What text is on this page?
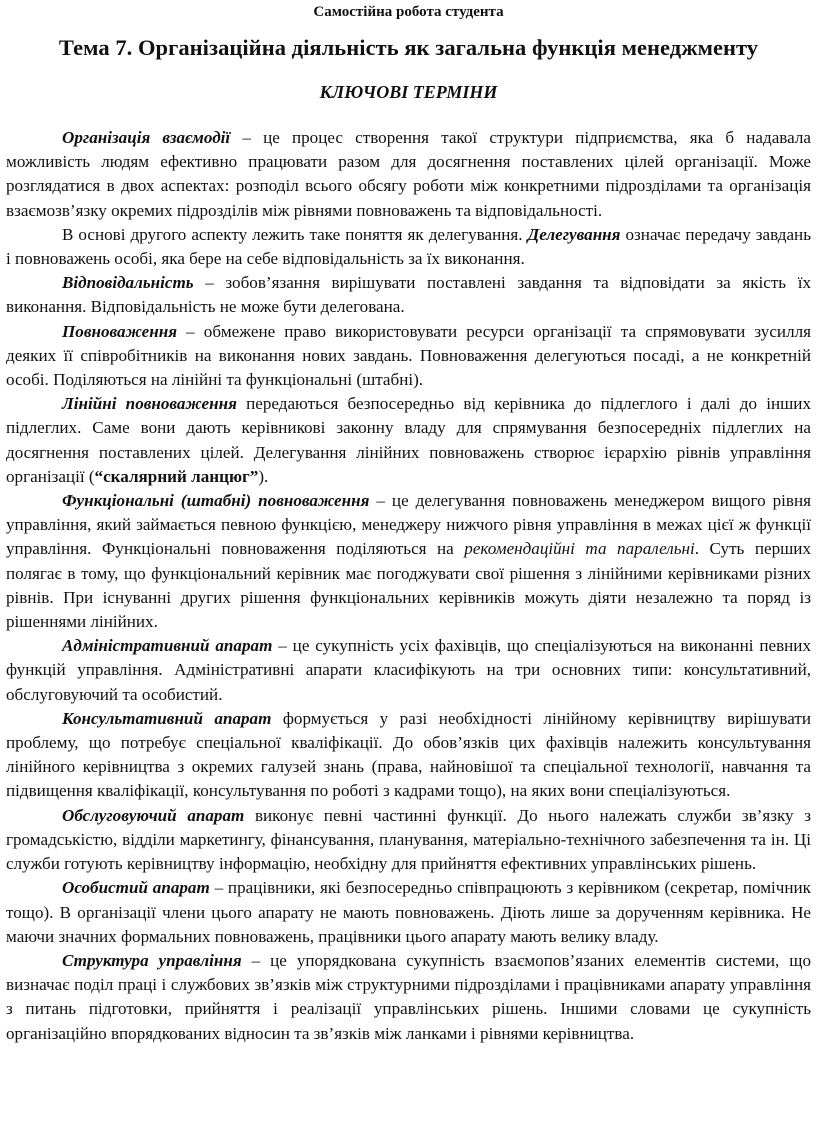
Самостійна робота студента
Тема 7. Організаційна діяльність як загальна функція менеджменту
КЛЮЧОВІ ТЕРМІНИ

Організація взаємодії – це процес створення такої структури підприємства, яка б надавала можливість людям ефективно працювати разом для досягнення поставлених цілей організації. Може розглядатися в двох аспектах: розподіл всього обсягу роботи між конкретними підрозділами та організація взаємозв’язку окремих підрозділів між рівнями повноважень та відповідальності.

В основі другого аспекту лежить таке поняття як делегування. Делегування означає передачу завдань і повноважень особі, яка бере на себе відповідальність за їх виконання.

Відповідальність – зобов’язання вирішувати поставлені завдання та відповідати за якість їх виконання. Відповідальність не може бути делегована.

Повноваження – обмежене право використовувати ресурси організації та спрямовувати зусилля деяких її співробітників на виконання нових завдань. Повноваження делегуються посаді, а не конкретній особі. Поділяються на лінійні та функціональні (штабні).

Лінійні повноваження передаються безпосередньо від керівника до підлеглого і далі до інших підлеглих. Саме вони дають керівникові законну владу для спрямування безпосередніх підлеглих на досягнення поставлених цілей. Делегування лінійних повноважень створює ієрархію рівнів управління організації (“скалярний ланцюг”).

Функціональні (штабні) повноваження – це делегування повноважень менеджером вищого рівня управління, який займається певною функцією, менеджеру нижчого рівня управління в межах цієї ж функції управління. Функціональні повноваження поділяються на рекомендаційні та паралельні. Суть перших полягає в тому, що функціональний керівник має погоджувати свої рішення з лінійними керівниками різних рівнів. При існуванні других рішення функціональних керівників можуть діяти незалежно та поряд із рішеннями лінійних.

Адміністративний апарат – це сукупність усіх фахівців, що спеціалізуються на виконанні певних функцій управління. Адміністративні апарати класифікують на три основних типи: консультативний, обслуговуючий та особистий.

Консультативний апарат формується у разі необхідності лінійному керівництву вирішувати проблему, що потребує спеціальної кваліфікації. До обов’язків цих фахівців належить консультування лінійного керівництва з окремих галузей знань (права, найновішої та спеціальної технології, навчання та підвищення кваліфікації, консультування по роботі з кадрами тощо), на яких вони спеціалізуються.

Обслуговуючий апарат виконує певні частинні функції. До нього належать служби зв’язку з громадськістю, відділи маркетингу, фінансування, планування, матеріально-технічного забезпечення та ін. Ці служби готують керівництву інформацію, необхідну для прийняття ефективних управлінських рішень.

Особистий апарат – працівники, які безпосередньо співпрацюють з керівником (секретар, помічник тощо). В організації члени цього апарату не мають повноважень. Діють лише за дорученням керівника. Не маючи значних формальних повноважень, працівники цього апарату мають велику владу.

Структура управління – це упорядкована сукупність взаємопов’язаних елементів системи, що визначає поділ праці і службових зв’язків між структурними підрозділами і працівниками апарату управління з питань підготовки, прийняття і реалізації управлінських рішень. Іншими словами це сукупність організаційно впорядкованих відносин та зв’язків між ланками і рівнями керівництва.
